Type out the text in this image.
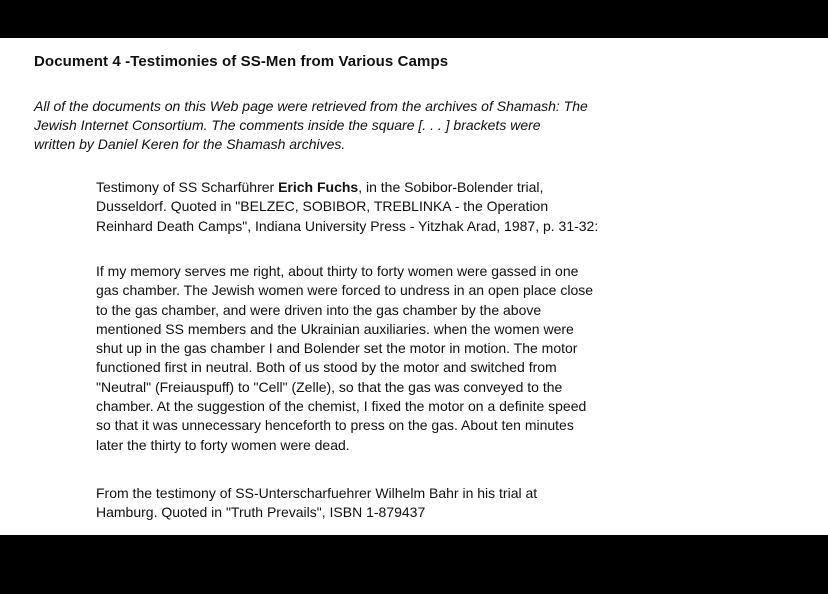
Document 4 -Testimonies of SS-Men from Various Camps

All of the documents on this Web page were retrieved from the archives of Shamash: The
Jewish Internet Consortium. The comments inside the square [. . . ] brackets were
written by Daniel Keren for the Shamash archives.

Testimony of SS Scharführer Erich Fuchs, in the Sobibor-Bolender trial,
Dusseldorf. Quoted in "BELZEC, SOBIBOR, TREBLINKA - the Operation
Reinhard Death Camps", Indiana University Press - Yitzhak Arad, 1987, p. 31-32:

If my memory serves me right, about thirty to forty women were gassed in one
gas chamber. The Jewish women were forced to undress in an open place close
to the gas chamber, and were driven into the gas chamber by the above
mentioned SS members and the Ukrainian auxiliaries. when the women were
shut up in the gas chamber I and Bolender set the motor in motion. The motor
functioned first in neutral. Both of us stood by the motor and switched from
"Neutral" (Freiauspuff) to "Cell" (Zelle), so that the gas was conveyed to the
chamber. At the suggestion of the chemist, I fixed the motor on a definite speed
so that it was unnecessary henceforth to press on the gas. About ten minutes
later the thirty to forty women were dead.

From the testimony of SS-Unterscharfuehrer Wilhelm Bahr in his trial at
Hamburg. Quoted in "Truth Prevails", ISBN 1-879437
